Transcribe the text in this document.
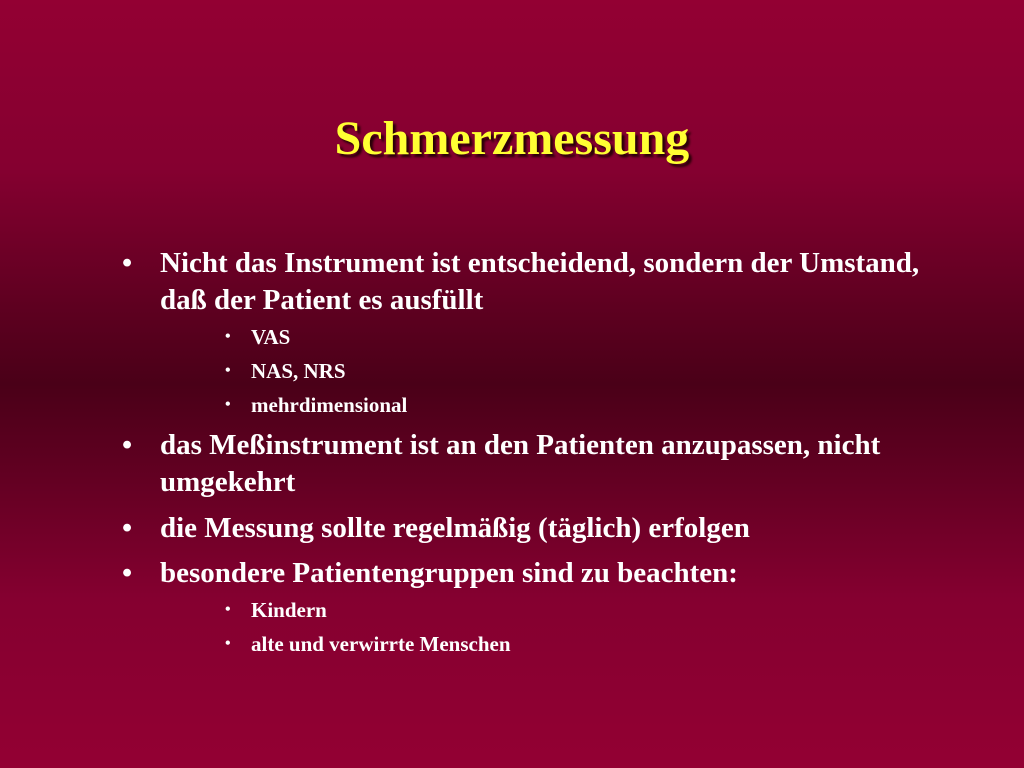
Schmerzmessung
• Nicht das Instrument ist entscheidend, sondern der Umstand, daß der Patient es ausfüllt
• VAS
• NAS, NRS
• mehrdimensional
• das Meßinstrument ist an den Patienten anzupassen, nicht umgekehrt
• die Messung sollte regelmäßig (täglich) erfolgen
• besondere Patientengruppen sind zu beachten:
• Kindern
• alte und verwirrte Menschen
